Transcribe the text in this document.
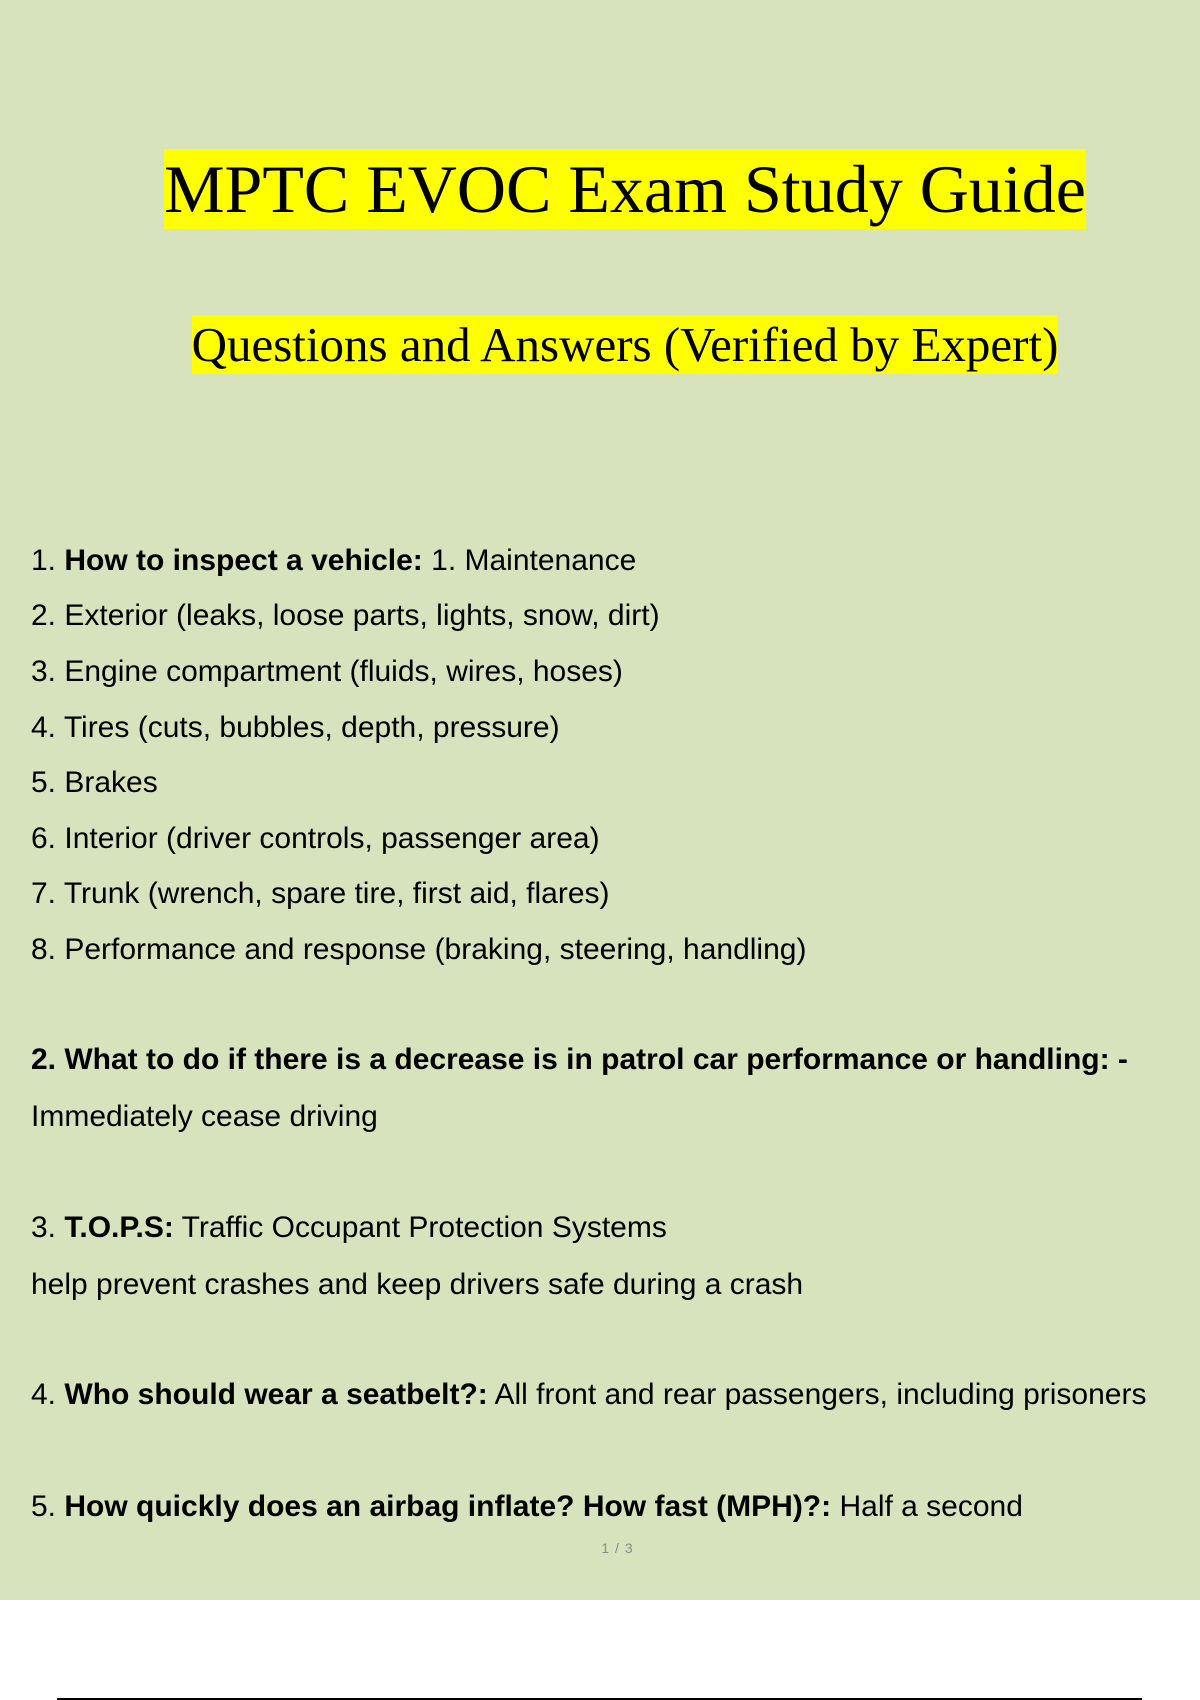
MPTC EVOC Exam Study Guide
Questions and Answers (Verified by Expert)
1. How to inspect a vehicle: 1. Maintenance
2. Exterior (leaks, loose parts, lights, snow, dirt)
3. Engine compartment (fluids, wires, hoses)
4. Tires (cuts, bubbles, depth, pressure)
5. Brakes
6. Interior (driver controls, passenger area)
7. Trunk (wrench, spare tire, first aid, flares)
8. Performance and response (braking, steering, handling)
2. What to do if there is a decrease is in patrol car performance or handling: -
Immediately cease driving
3. T.O.P.S: Traffic Occupant Protection Systems
help prevent crashes and keep drivers safe during a crash
4. Who should wear a seatbelt?: All front and rear passengers, including prisoners
5. How quickly does an airbag inflate? How fast (MPH)?: Half a second
1 / 3
